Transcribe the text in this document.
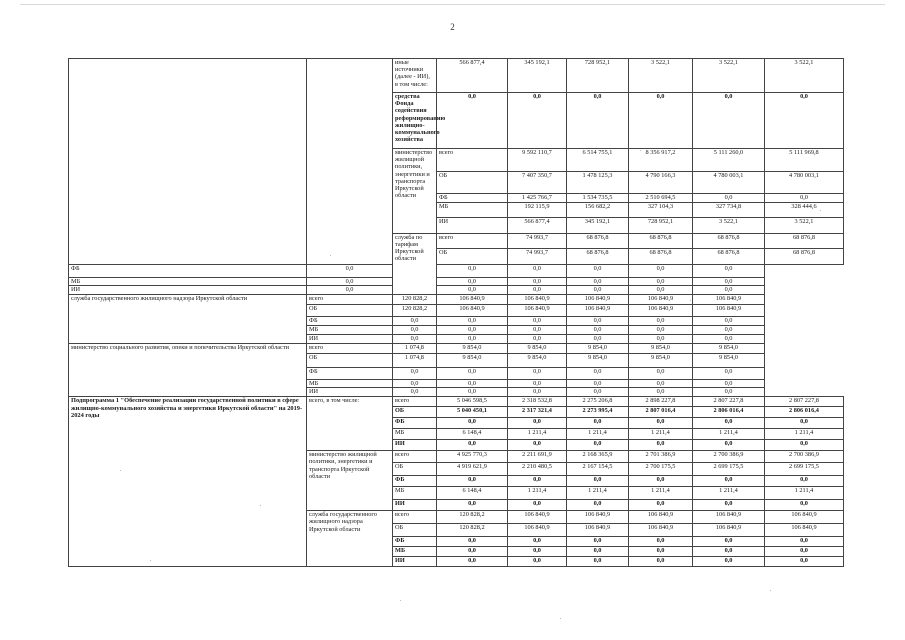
2
		иные источники (далее - ИИ), в том числе:	566 877,4	345 192,1	728 952,1	3 522,1	3 522,1	3 522,1	
		средства Фонда содействия реформированию жилищно-коммунального хозяйства	0,0	0,0	0,0	0,0	0,0	0,0	
		министерство жилищной политики, энергетики и транспорта Иркутской области	всего	9 592 110,7	6 514 755,1	8 356 917,2	5 111 260,0	5 111 969,8	
			ОБ	7 407 350,7	1 478 125,3	4 790 166,3	4 780 003,1	4 780 003,1	
			ФБ	1 425 766,7	1 534 735,5	2 510 694,5	0,0	0,0	
			МБ	192 115,9	156 682,2	327 104,3	327 734,8	328 444,6	
			ИИ	566 877,4	345 192,1	728 952,1	3 522,1	3 522,1	
		служба по тарифам Иркутской области	всего	74 993,7	68 876,8	68 876,8	68 876,8	68 876,8	
			ОБ	74 993,7	68 876,8	68 876,8	68 876,8	68 876,8	
ФБ	0,0		0,0	0,0	0,0	0,0	0,0		
МБ	0,0		0,0	0,0	0,0	0,0	0,0		
ИИ	0,0		0,0	0,0	0,0	0,0	0,0		
служба государственного жилищного надзора Иркутской области	всего	120 828,2	106 840,9	106 840,9	106 840,9	106 840,9	106 840,9		
	ОБ	120 828,2	106 840,9	106 840,9	106 840,9	106 840,9	106 840,9		
	ФБ	0,0	0,0	0,0	0,0	0,0	0,0		
	МБ	0,0	0,0	0,0	0,0	0,0	0,0		
	ИИ	0,0	0,0	0,0	0,0	0,0	0,0		
министерство социального развития, опеки и попечительства Иркутской области	всего	1 074,8	9 854,0	9 854,0	9 854,0	9 854,0	9 854,0		
	ОБ	1 074,8	9 854,0	9 854,0	9 854,0	9 854,0	9 854,0		
	ФБ	0,0	0,0	0,0	0,0	0,0	0,0		
	МБ	0,0	0,0	0,0	0,0	0,0	0,0		
	ИИ	0,0	0,0	0,0	0,0	0,0	0,0		
Подпрограмма 1 "Обеспечение реализации государственной политики в сфере жилищно-коммунального хозяйства и энергетики Иркутской области" на 2019-2024 годы	всего, в том числе:	всего	5 046 598,5	2 318 532,8	2 275 206,8	2 898 227,8	2 807 227,8	2 807 227,8	
		ОБ	5 040 450,1	2 317 321,4	2 273 995,4	2 807 016,4	2 806 016,4	2 806 016,4	
		ФБ	0,0	0,0	0,0	0,0	0,0	0,0	
		МБ	6 148,4	1 211,4	1 211,4	1 211,4	1 211,4	1 211,4	
		ИИ	0,0	0,0	0,0	0,0	0,0	0,0	
	министерство жилищной политики, энергетики и транспорта Иркутской области	всего	4 925 770,3	2 211 691,9	2 168 365,9	2 701 386,9	2 700 386,9	2 700 386,9	
		ОБ	4 919 621,9	2 210 480,5	2 167 154,5	2 700 175,5	2 699 175,5	2 699 175,5	
		ФБ	0,0	0,0	0,0	0,0	0,0	0,0	
		МБ	6 148,4	1 211,4	1 211,4	1 211,4	1 211,4	1 211,4	
		ИИ	0,0	0,0	0,0	0,0	0,0	0,0	
	служба государственного жилищного надзора Иркутской области	всего	120 828,2	106 840,9	106 840,9	106 840,9	106 840,9	106 840,9	
		ОБ	120 828,2	106 840,9	106 840,9	106 840,9	106 840,9	106 840,9	
		ФБ	0,0	0,0	0,0	0,0	0,0	0,0	
		МБ	0,0	0,0	0,0	0,0	0,0	0,0	
		ИИ	0,0	0,0	0,0	0,0	0,0	0,0	
